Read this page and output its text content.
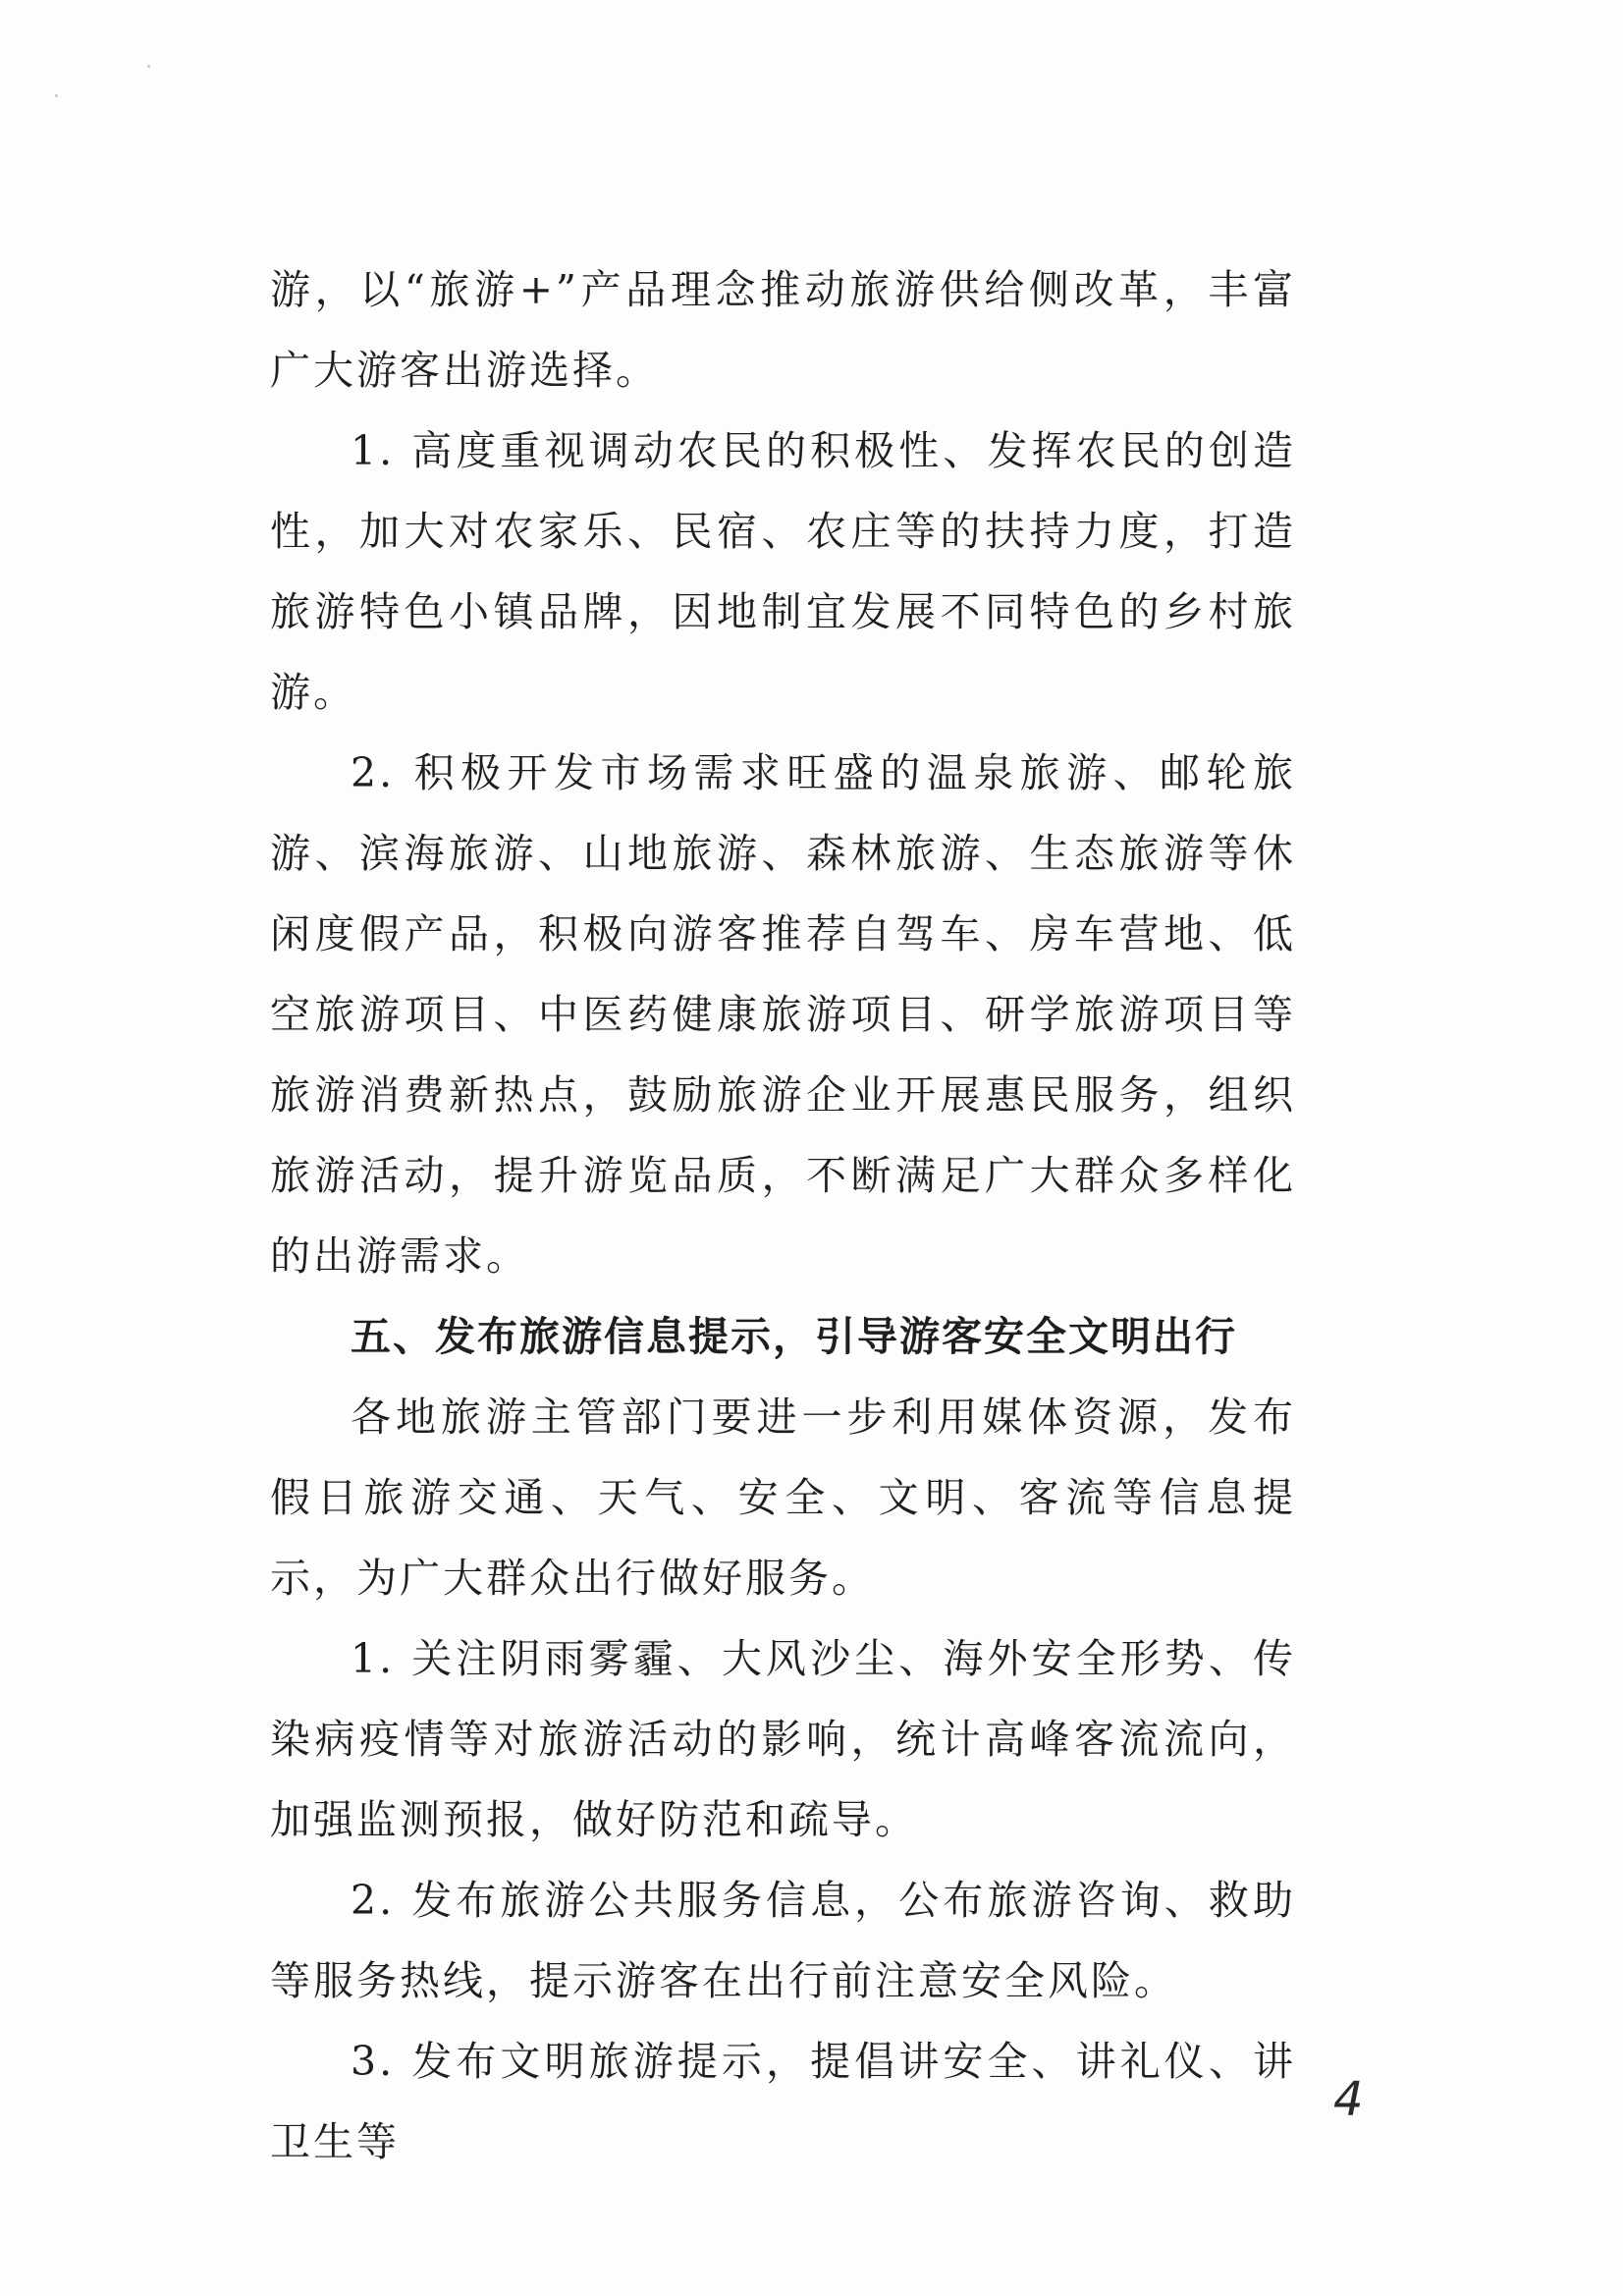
游，以“旅游+”产品理念推动旅游供给侧改革，丰富广大游客出游选择。

1. 高度重视调动农民的积极性、发挥农民的创造性，加大对农家乐、民宿、农庄等的扶持力度，打造旅游特色小镇品牌，因地制宜发展不同特色的乡村旅游。

2. 积极开发市场需求旺盛的温泉旅游、邮轮旅游、滨海旅游、山地旅游、森林旅游、生态旅游等休闲度假产品，积极向游客推荐自驾车、房车营地、低空旅游项目、中医药健康旅游项目、研学旅游项目等旅游消费新热点，鼓励旅游企业开展惠民服务，组织旅游活动，提升游览品质，不断满足广大群众多样化的出游需求。

五、发布旅游信息提示，引导游客安全文明出行

各地旅游主管部门要进一步利用媒体资源，发布假日旅游交通、天气、安全、文明、客流等信息提示，为广大群众出行做好服务。

1. 关注阴雨雾霾、大风沙尘、海外安全形势、传染病疫情等对旅游活动的影响，统计高峰客流流向，加强监测预报，做好防范和疏导。

2. 发布旅游公共服务信息，公布旅游咨询、救助等服务热线，提示游客在出行前注意安全风险。

3. 发布文明旅游提示，提倡讲安全、讲礼仪、讲卫生等

4
